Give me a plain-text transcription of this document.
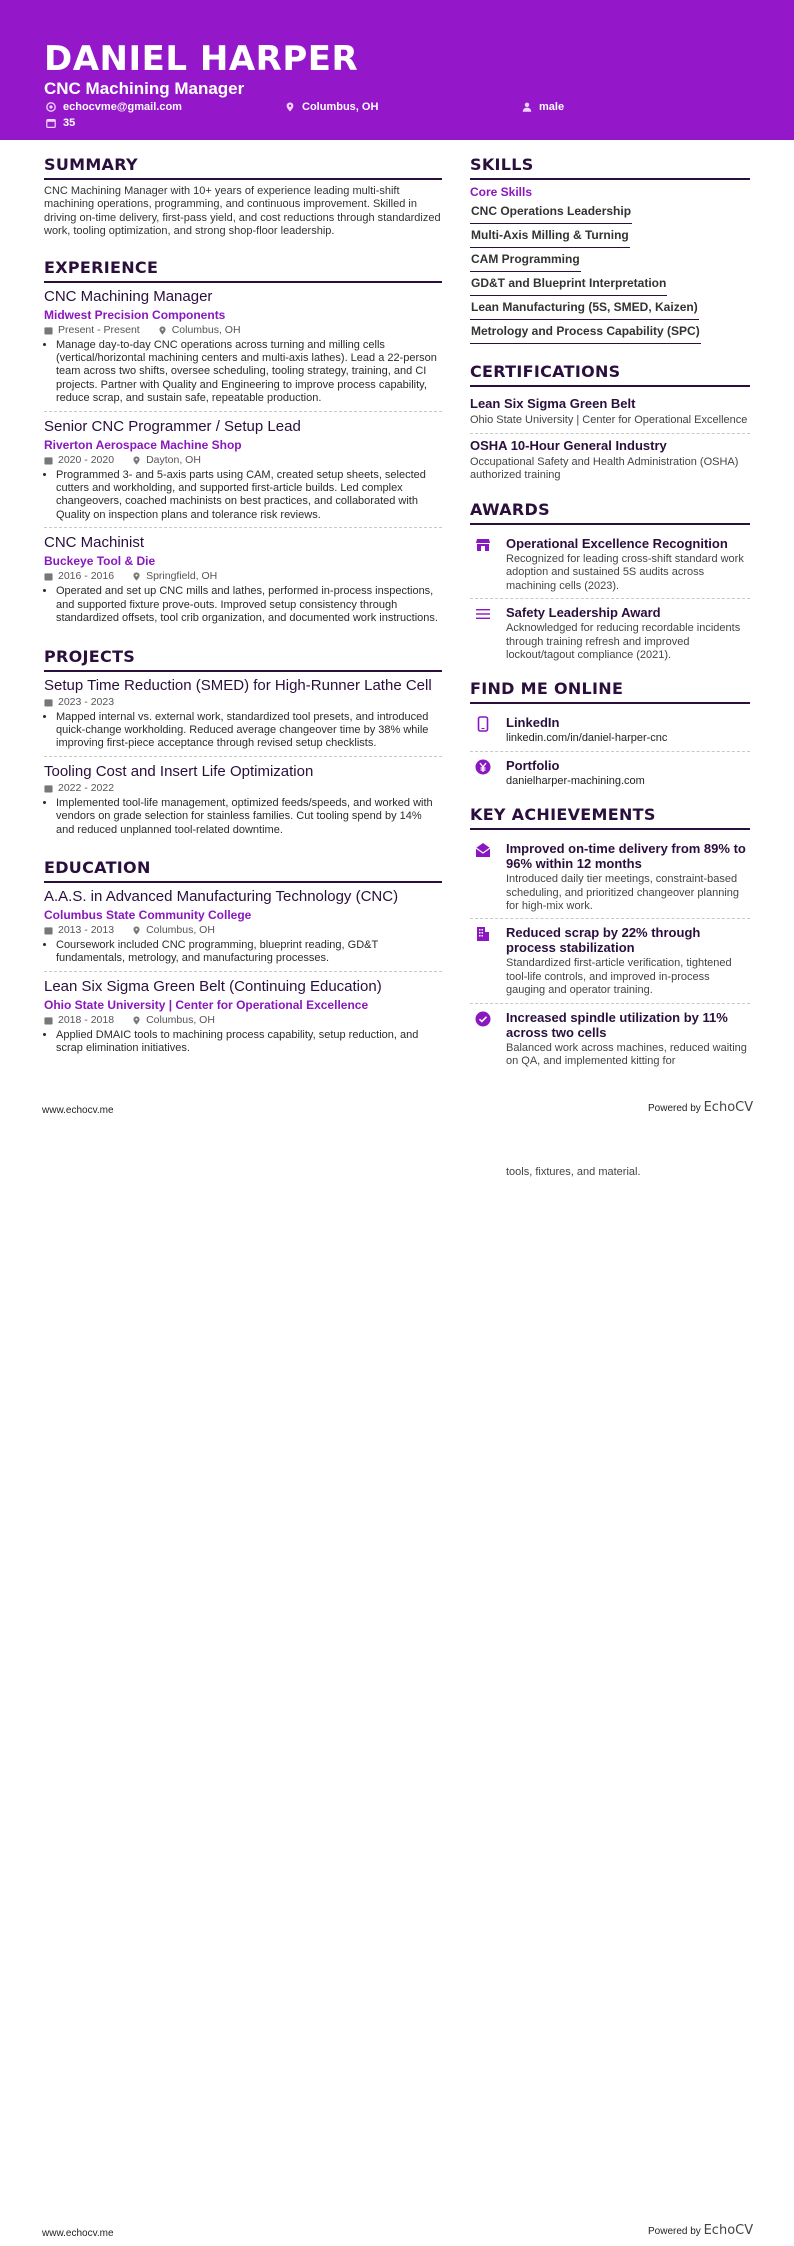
DANIEL HARPER
CNC Machining Manager
echocvme@gmail.com	Columbus, OH	male
35
SUMMARY

CNC Machining Manager with 10+ years of experience leading multi-shift machining operations, programming, and continuous improvement. Skilled in driving on-time delivery, first-pass yield, and cost reductions through standardized work, tooling optimization, and strong shop-floor leadership.

EXPERIENCE
CNC Machining Manager
Midwest Precision Components
Present - Present	Columbus, OH
• Manage day-to-day CNC operations across turning and milling cells (vertical/horizontal machining centers and multi-axis lathes). Lead a 22-person team across two shifts, oversee scheduling, tooling strategy, training, and CI projects. Partner with Quality and Engineering to improve process capability, reduce scrap, and sustain safe, repeatable production.
Senior CNC Programmer / Setup Lead
Riverton Aerospace Machine Shop
2020 - 2020	Dayton, OH
• Programmed 3- and 5-axis parts using CAM, created setup sheets, selected cutters and workholding, and supported first-article builds. Led complex changeovers, coached machinists on best practices, and collaborated with Quality on inspection plans and tolerance risk reviews.
CNC Machinist
Buckeye Tool & Die
2016 - 2016	Springfield, OH
• Operated and set up CNC mills and lathes, performed in-process inspections, and supported fixture prove-outs. Improved setup consistency through standardized offsets, tool crib organization, and documented work instructions.
PROJECTS
Setup Time Reduction (SMED) for High-Runner Lathe Cell
2023 - 2023
• Mapped internal vs. external work, standardized tool presets, and introduced quick-change workholding. Reduced average changeover time by 38% while improving first-piece acceptance through revised setup checklists.
Tooling Cost and Insert Life Optimization
2022 - 2022
• Implemented tool-life management, optimized feeds/speeds, and worked with vendors on grade selection for stainless families. Cut tooling spend by 14% and reduced unplanned tool-related downtime.
EDUCATION
A.A.S. in Advanced Manufacturing Technology (CNC)
Columbus State Community College
2013 - 2013	Columbus, OH
• Coursework included CNC programming, blueprint reading, GD&T fundamentals, metrology, and manufacturing processes.
Lean Six Sigma Green Belt (Continuing Education)
Ohio State University | Center for Operational Excellence
2018 - 2018	Columbus, OH
• Applied DMAIC tools to machining process capability, setup reduction, and scrap elimination initiatives.
SKILLS
Core Skills
CNC Operations Leadership
Multi-Axis Milling & Turning
CAM Programming
GD&T and Blueprint Interpretation
Lean Manufacturing (5S, SMED, Kaizen)
Metrology and Process Capability (SPC)
CERTIFICATIONS
Lean Six Sigma Green Belt
Ohio State University | Center for Operational Excellence
OSHA 10-Hour General Industry
Occupational Safety and Health Administration (OSHA) authorized training
AWARDS
Operational Excellence Recognition
Recognized for leading cross-shift standard work adoption and sustained 5S audits across machining cells (2023).
Safety Leadership Award
Acknowledged for reducing recordable incidents through training refresh and improved lockout/tagout compliance (2021).
FIND ME ONLINE
LinkedIn
linkedin.com/in/daniel-harper-cnc
Portfolio
danielharper-machining.com
KEY ACHIEVEMENTS
Improved on-time delivery from 89% to 96% within 12 months
Introduced daily tier meetings, constraint-based scheduling, and prioritized changeover planning for high-mix work.
Reduced scrap by 22% through process stabilization
Standardized first-article verification, tightened tool-life controls, and improved in-process gauging and operator training.
Increased spindle utilization by 11% across two cells
Balanced work across machines, reduced waiting on QA, and implemented kitting for
www.echocv.me	Powered by EchoCV
tools, fixtures, and material.
www.echocv.me	Powered by EchoCV
